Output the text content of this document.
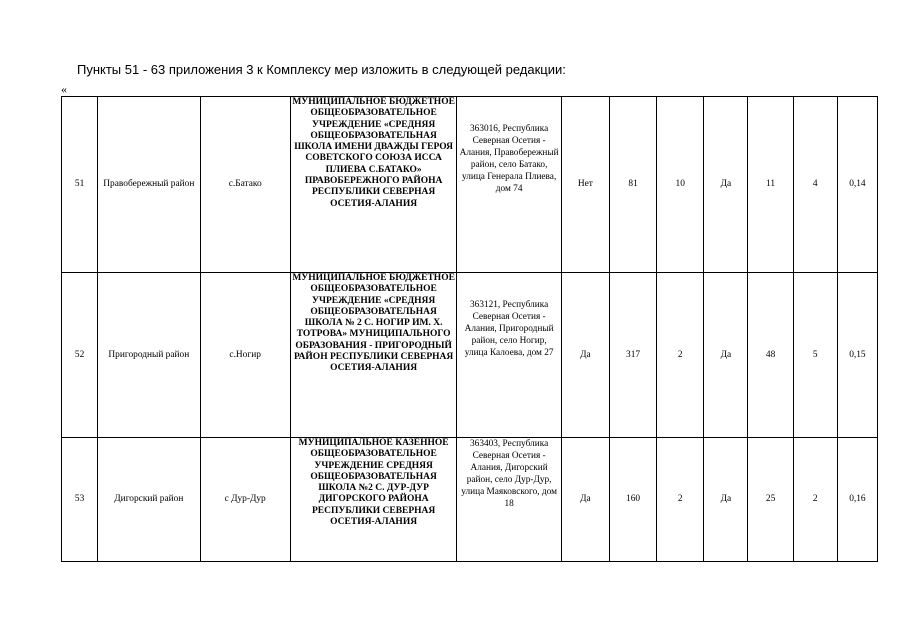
Пункты 51 - 63 приложения 3 к Комплексу мер изложить в следующей редакции:
«
51	Правобережный район	с.Батако	МУНИЦИПАЛЬНОЕ БЮДЖЕТНОЕ ОБЩЕОБРАЗОВАТЕЛЬНОЕ УЧРЕЖДЕНИЕ «СРЕДНЯЯ ОБЩЕОБРАЗОВАТЕЛЬНАЯ ШКОЛА ИМЕНИ ДВАЖДЫ ГЕРОЯ СОВЕТСКОГО СОЮЗА ИССА ПЛИЕВА С.БАТАКО» ПРАВОБЕРЕЖНОГО РАЙОНА РЕСПУБЛИКИ СЕВЕРНАЯ ОСЕТИЯ-АЛАНИЯ	363016, Республика Северная Осетия - Алания, Правобережный район, село Батако, улица Генерала Плиева, дом 74	Нет	81	10	Да	11	4	0,14
52	Пригородный район	с.Ногир	МУНИЦИПАЛЬНОЕ БЮДЖЕТНОЕ ОБЩЕОБРАЗОВАТЕЛЬНОЕ УЧРЕЖДЕНИЕ «СРЕДНЯЯ ОБЩЕОБРАЗОВАТЕЛЬНАЯ ШКОЛА № 2 С. НОГИР ИМ. Х. ТОТРОВА» МУНИЦИПАЛЬНОГО ОБРАЗОВАНИЯ - ПРИГОРОДНЫЙ РАЙОН РЕСПУБЛИКИ СЕВЕРНАЯ ОСЕТИЯ-АЛАНИЯ	363121, Республика Северная Осетия - Алания, Пригородный район, село Ногир, улица Калоева, дом 27	Да	317	2	Да	48	5	0,15
53	Дигорский район	с Дур-Дур	МУНИЦИПАЛЬНОЕ КАЗЕННОЕ ОБЩЕОБРАЗОВАТЕЛЬНОЕ УЧРЕЖДЕНИЕ СРЕДНЯЯ ОБЩЕОБРАЗОВАТЕЛЬНАЯ ШКОЛА №2 С. ДУР-ДУР ДИГОРСКОГО РАЙОНА РЕСПУБЛИКИ СЕВЕРНАЯ ОСЕТИЯ-АЛАНИЯ	363403, Республика Северная Осетия - Алания, Дигорский район, село Дур-Дур, улица Маяковского, дом 18	Да	160	2	Да	25	2	0,16
